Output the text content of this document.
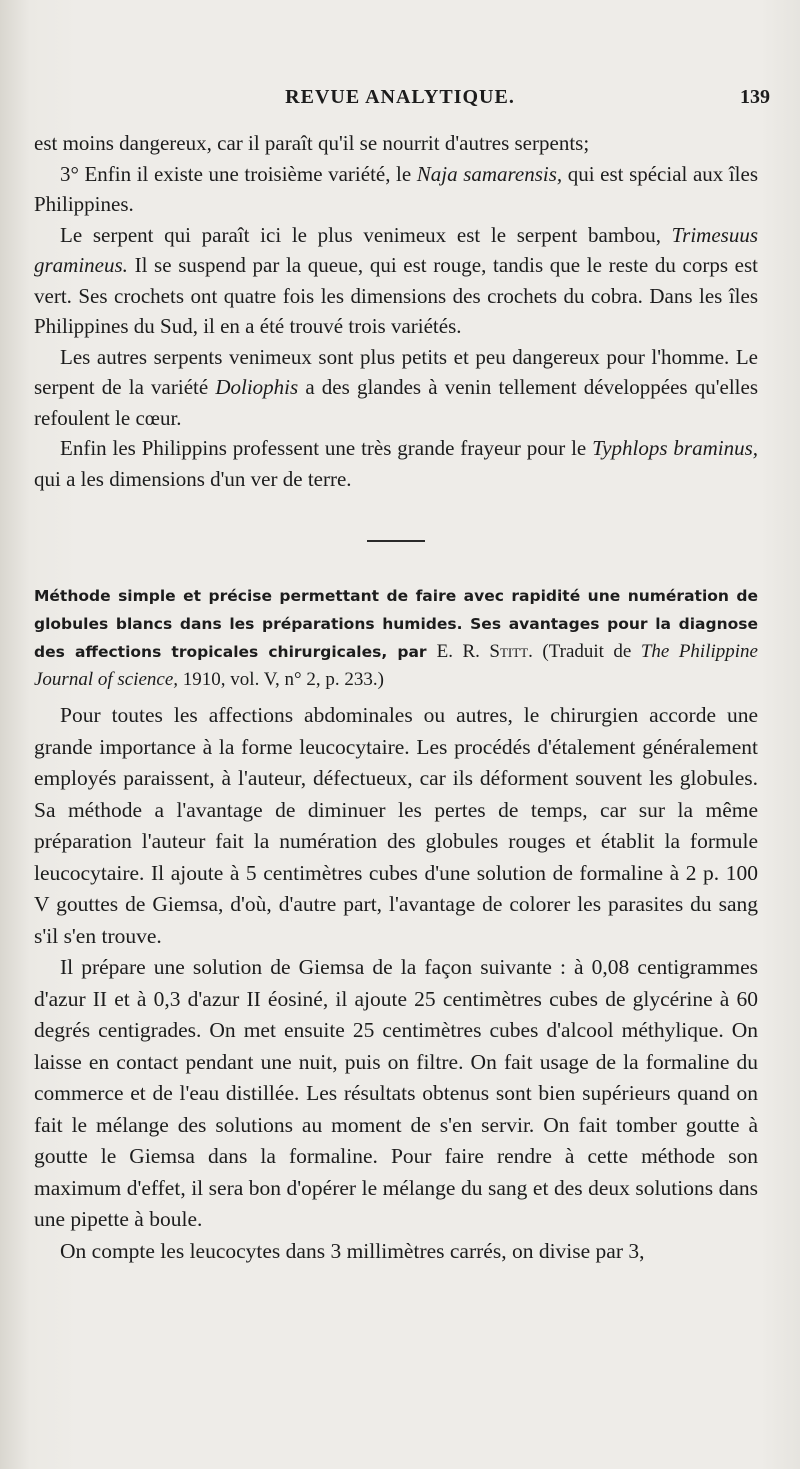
REVUE ANALYTIQUE.	139

est moins dangereux, car il paraît qu'il se nourrit d'autres serpents;

3° Enfin il existe une troisième variété, le Naja samarensis, qui est spécial aux îles Philippines.

Le serpent qui paraît ici le plus venimeux est le serpent bambou, Trimesuus gramineus. Il se suspend par la queue, qui est rouge, tandis que le reste du corps est vert. Ses crochets ont quatre fois les dimensions des crochets du cobra. Dans les îles Philippines du Sud, il en a été trouvé trois variétés.

Les autres serpents venimeux sont plus petits et peu dangereux pour l'homme. Le serpent de la variété Doliophis a des glandes à venin tellement développées qu'elles refoulent le cœur.

Enfin les Philippins professent une très grande frayeur pour le Typhlops braminus, qui a les dimensions d'un ver de terre.

Méthode simple et précise permettant de faire avec rapidité une numération de globules blancs dans les préparations humides. Ses avantages pour la diagnose des affections tropicales chirurgicales, par E. R. Stitt. (Traduit de The Philippine Journal of science, 1910, vol. V, n° 2, p. 233.)

Pour toutes les affections abdominales ou autres, le chirurgien accorde une grande importance à la forme leucocytaire. Les procédés d'étalement généralement employés paraissent, à l'auteur, défectueux, car ils déforment souvent les globules. Sa méthode a l'avantage de diminuer les pertes de temps, car sur la même préparation l'auteur fait la numération des globules rouges et établit la formule leucocytaire. Il ajoute à 5 centimètres cubes d'une solution de formaline à 2 p. 100 V gouttes de Giemsa, d'où, d'autre part, l'avantage de colorer les parasites du sang s'il s'en trouve.

Il prépare une solution de Giemsa de la façon suivante : à 0,08 centigrammes d'azur II et à 0,3 d'azur II éosiné, il ajoute 25 centimètres cubes de glycérine à 60 degrés centigrades. On met ensuite 25 centimètres cubes d'alcool méthylique. On laisse en contact pendant une nuit, puis on filtre. On fait usage de la formaline du commerce et de l'eau distillée. Les résultats obtenus sont bien supérieurs quand on fait le mélange des solutions au moment de s'en servir. On fait tomber goutte à goutte le Giemsa dans la formaline. Pour faire rendre à cette méthode son maximum d'effet, il sera bon d'opérer le mélange du sang et des deux solutions dans une pipette à boule.

On compte les leucocytes dans 3 millimètres carrés, on divise par 3,
